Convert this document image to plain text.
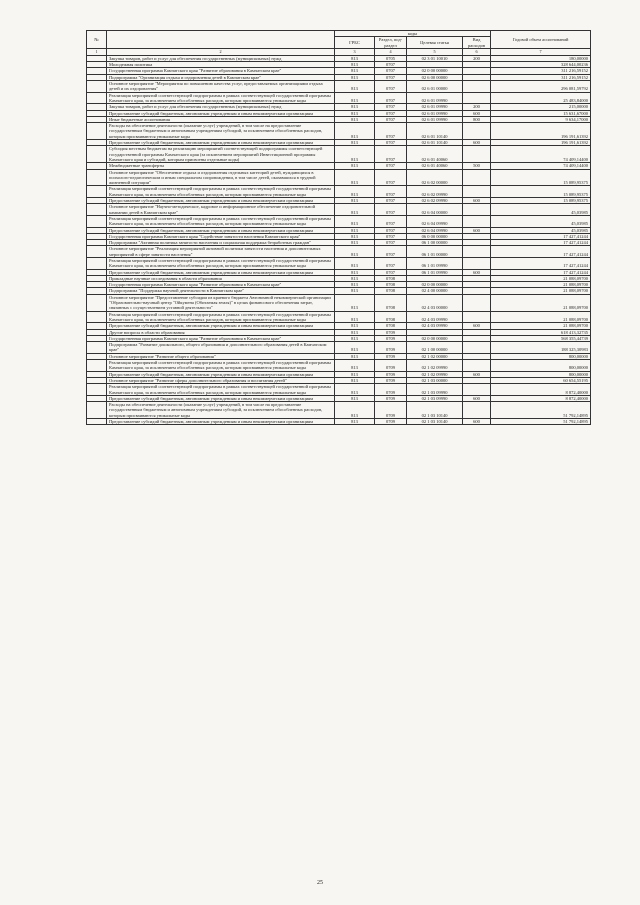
№		коды				Годовой объем ассигнований
		ГРБС	Раздел, под-раздел	Целевая статья	Вид расходов	
1	2	3	4	5	6	7
	Закупка товаров, работ и услуг для обеспечения государственных (муниципальных) нужд	813	0705	02 3 01 10010	200	180,00000
	Молодежная политика	813	0707			328 644,00236
	Государственная программа Камчатского края "Развитие образования в Камчатском крае"	813	0707	02 0 00 00000		311 216,59152
	Подпрограмма "Организация отдыха и оздоровления детей в Камчатском крае"	813	0707	02 6 00 00000		311 216,59152
	Основное мероприятие "Мероприятия по повышению качества услуг, предоставляемых организациями отдыха детей и их оздоровления"	813	0707	02 6 01 00000		296 081,59792
	Реализация мероприятий соответствующей подпрограммы в рамках соответствующей государственной программы Камчатского края, за исключением обособленных расходов, которым присваиваются уникальные коды	813	0707	02 6 01 09990		25 483,84000
	Закупка товаров, работ и услуг для обеспечения государственных (муниципальных) нужд	813	0707	02 6 01 09990	200	215,00000
	Предоставление субсидий бюджетным, автономным учреждениям и иным некоммерческим организациям	813	0707	02 6 01 09990	600	15 631,67000
	Иные бюджетные ассигнования	813	0707	02 6 01 09990	800	9 634,17000
	Расходы на обеспечение деятельности (оказание услуг) учреждений, в том числе на предоставление государственным бюджетным и автономным учреждениям субсидий, за исключением обособленных расходов, которым присваиваются уникальные коды	813	0707	02 6 01 10140		196 191,61392
	Предоставление субсидий бюджетным, автономным учреждениям и иным некоммерческим организациям	813	0707	02 6 01 10140	600	196 191,61392
	Субсидия местным бюджетам на реализацию мероприятий соответствующей подпрограммы соответствующей государственной программы Камчатского края (за исключением мероприятий Инвестиционной программы Камчатского края и субсидий, которым присвоены отдельные коды)	813	0707	02 6 01 40060		74 409,14400
	Межбюджетные трансферты	813	0707	02 6 01 40060	500	74 409,14400
	Основное мероприятие "Обеспечение отдыха и оздоровления отдельных категорий детей, нуждающихся в психолого-педагогическом и иным специальном сопровождении, в том числе детей, оказавшихся в трудной жизненной ситуации"	813	0707	02 6 02 00000		15 089,95375
	Реализация мероприятий соответствующей подпрограммы в рамках соответствующей государственной программы Камчатского края, за исключением обособленных расходов, которым присваиваются уникальные коды	813	0707	02 6 02 09990		15 089,95375
	Предоставление субсидий бюджетным, автономным учреждениям и иным некоммерческим организациям	813	0707	02 6 02 09990	600	15 089,95375
	Основное мероприятие "Научно-методическое, кадровое и информационное обеспечение оздоровительной кампании детей в Камчатском крае"	813	0707	02 6 04 00000		45,03985
	Реализация мероприятий соответствующей подпрограммы в рамках соответствующей государственной программы Камчатского края, за исключением обособленных расходов, которым присваиваются уникальные коды	813	0707	02 6 04 09990		45,03985
	Предоставление субсидий бюджетным, автономным учреждениям и иным некоммерческим организациям	813	0707	02 6 04 09990	600	45,03985
	Государственная программа Камчатского края "Содействие занятости населения Камчатского края"	813	0707	06 0 00 00000		17 427,41244
	Подпрограмма "Активная политика занятости населения и социальная поддержка безработных граждан"	813	0707	06 1 00 00000		17 427,41244
	Основное мероприятие "Реализация мероприятий активной политики занятости населения и дополнительных мероприятий в сфере занятости населения"	813	0707	06 1 01 00000		17 427,41244
	Реализация мероприятий соответствующей подпрограммы в рамках соответствующей государственной программы Камчатского края, за исключением обособленных расходов, которым присваиваются уникальные коды	813	0707	06 1 01 09990		17 427,41244
	Предоставление субсидий бюджетным, автономным учреждениям и иным некоммерческим организациям	813	0707	06 1 01 09990	600	17 427,41244
	Прикладные научные исследования в области образования	813	0708			21 088,09700
	Государственная программа Камчатского края "Развитие образования в Камчатском крае"	813	0708	02 0 00 00000		21 088,09700
	Подпрограмма "Поддержка научной деятельности в Камчатском крае"	813	0708	02 4 00 00000		21 088,09700
	Основное мероприятие "Предоставление субсидии из краевого бюджета Автономной некоммерческой организации "Образовательно-научный центр "Ойкумена (Обитаемая земля)" в целях финансового обеспечения затрат, связанных с осуществлением уставной деятельности"	813	0708	02 4 03 00000		21 088,09700
	Реализация мероприятий соответствующей подпрограммы в рамках соответствующей государственной программы Камчатского края, за исключением обособленных расходов, которым присваиваются уникальные коды	813	0708	02 4 03 09990		21 088,09700
	Предоставление субсидий бюджетным, автономным учреждениям и иным некоммерческим организациям	813	0708	02 4 03 09990	600	21 088,09700
	Другие вопросы в области образования	813	0709			618 413,32735
	Государственная программа Камчатского края "Развитие образования в Камчатском крае"	813	0709	02 0 00 00000		568 355,44739
	Подпрограмма "Развитие дошкольного, общего образования и дополнительного образования детей в Камчатском крае"	813	0709	02 1 00 00000		188 325,30983
	Основное мероприятие "Развитие общего образования"	813	0709	02 1 02 00000		800,00000
	Реализация мероприятий соответствующей подпрограммы в рамках соответствующей государственной программы Камчатского края, за исключением обособленных расходов, которым присваиваются уникальные коды	813	0709	02 1 02 09990		800,00000
	Предоставление субсидий бюджетным, автономным учреждениям и иным некоммерческим организациям	813	0709	02 1 02 09990	600	800,00000
	Основное мероприятие "Развитие сферы дополнительного образования и воспитания детей"	813	0709	02 1 03 00000		60 654,55195
	Реализация мероприятий соответствующей подпрограммы в рамках соответствующей государственной программы Камчатского края, за исключением обособленных расходов, которым присваиваются уникальные коды	813	0709	02 1 03 09990		8 872,40000
	Предоставление субсидий бюджетным, автономным учреждениям и иным некоммерческим организациям	813	0709	02 1 03 09990	600	8 872,40000
	Расходы на обеспечение деятельности (оказание услуг) учреждений, в том числе на предоставление государственным бюджетным и автономным учреждениям субсидий, за исключением обособленных расходов, которым присваиваются уникальные коды	813	0709	02 1 03 10140		51 792,14895
	Предоставление субсидий бюджетным, автономным учреждениям и иным некоммерческим организациям	813	0709	02 1 03 10140	600	51 792,14895
25
